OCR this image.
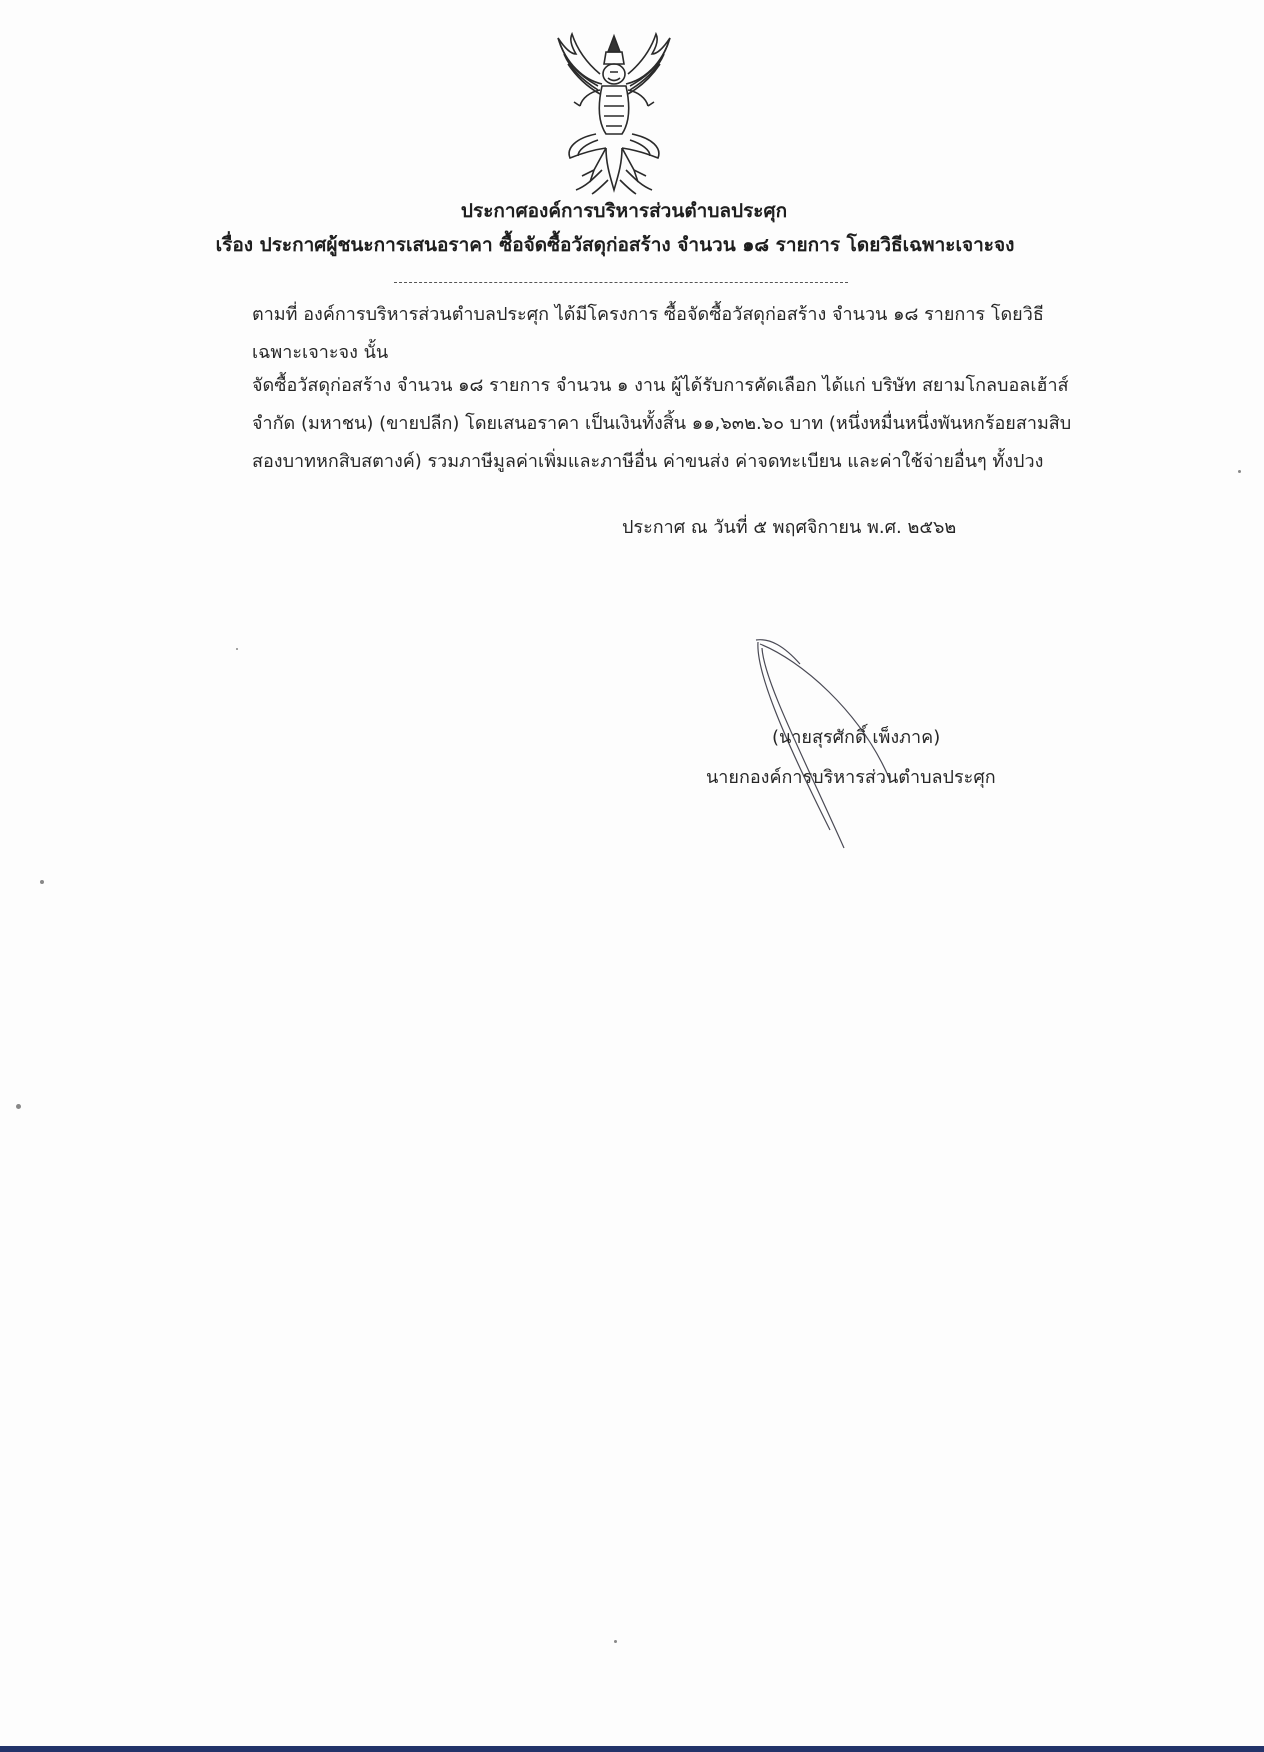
ประกาศองค์การบริหารส่วนตำบลประศุก
เรื่อง ประกาศผู้ชนะการเสนอราคา ซื้อจัดซื้อวัสดุก่อสร้าง จำนวน ๑๘ รายการ โดยวิธีเฉพาะเจาะจง
ตามที่ องค์การบริหารส่วนตำบลประศุก ได้มีโครงการ ซื้อจัดซื้อวัสดุก่อสร้าง จำนวน ๑๘ รายการ โดยวิธีเฉพาะเจาะจง นั้น
จัดซื้อวัสดุก่อสร้าง จำนวน ๑๘ รายการ จำนวน ๑ งาน ผู้ได้รับการคัดเลือก ได้แก่ บริษัท สยามโกลบอลเฮ้าส์ จำกัด (มหาชน) (ขายปลีก) โดยเสนอราคา เป็นเงินทั้งสิ้น ๑๑,๖๓๒.๖๐ บาท (หนึ่งหมื่นหนึ่งพันหกร้อยสามสิบสองบาทหกสิบสตางค์) รวมภาษีมูลค่าเพิ่มและภาษีอื่น ค่าขนส่ง ค่าจดทะเบียน และค่าใช้จ่ายอื่นๆ ทั้งปวง
ประกาศ ณ วันที่ ๕ พฤศจิกายน พ.ศ. ๒๕๖๒
(นายสุรศักดิ์ เพ็งภาค)
นายกองค์การบริหารส่วนตำบลประศุก
